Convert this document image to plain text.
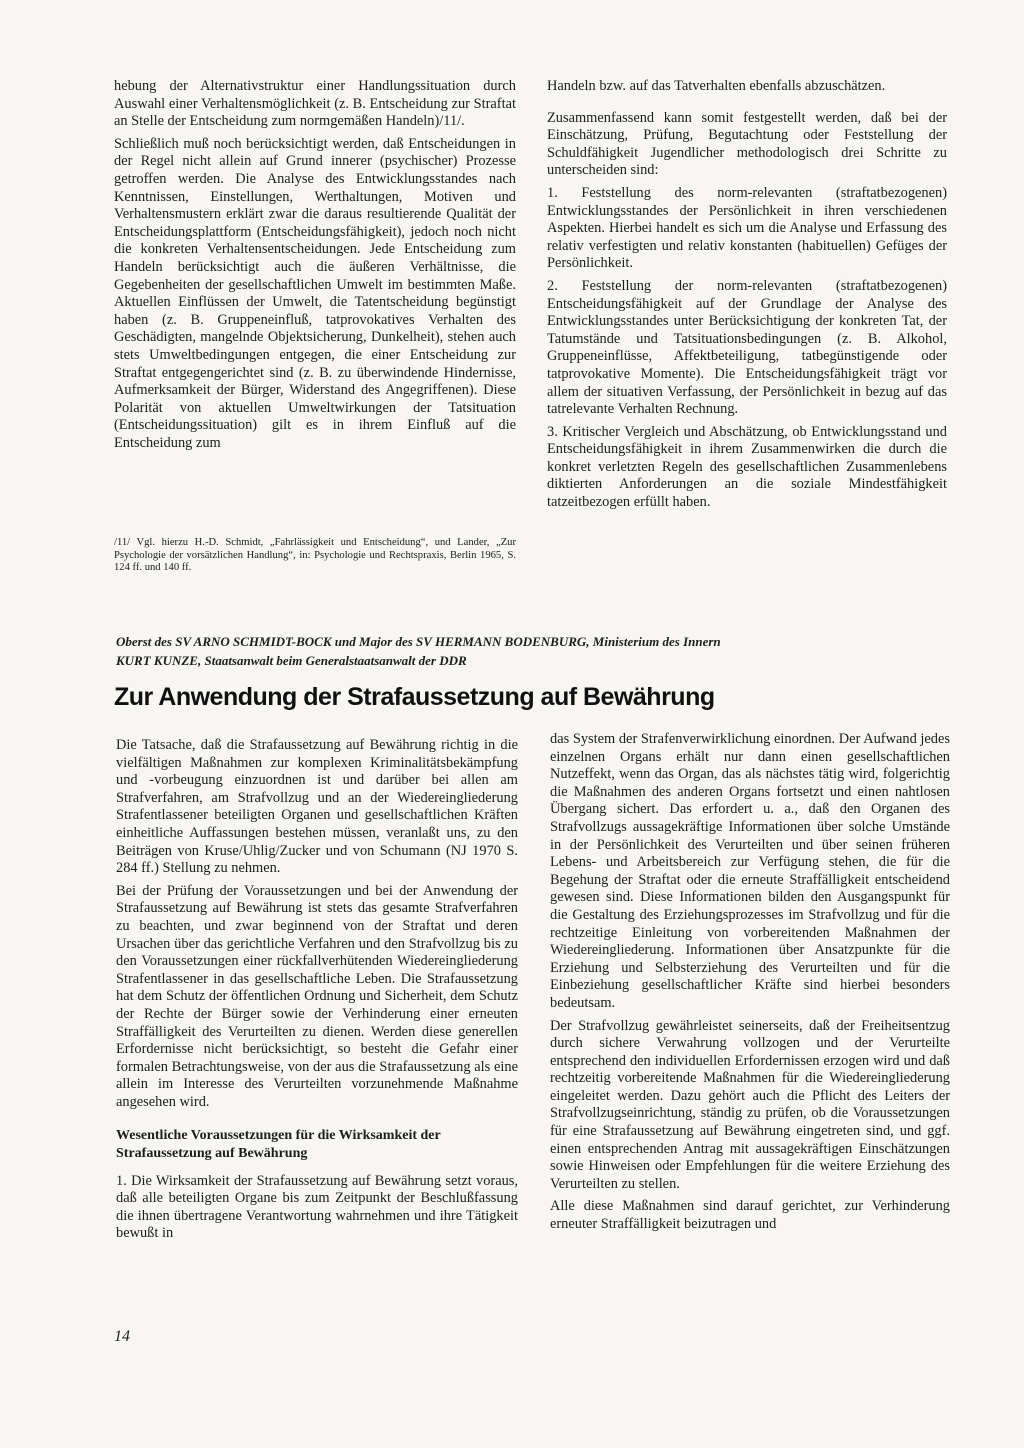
hebung der Alternativstruktur einer Handlungssituation durch Auswahl einer Verhaltensmöglichkeit (z. B. Entscheidung zur Straftat an Stelle der Entscheidung zum normgemäßen Handeln)/11/.

Schließlich muß noch berücksichtigt werden, daß Entscheidungen in der Regel nicht allein auf Grund innerer (psychischer) Prozesse getroffen werden. Die Analyse des Entwicklungsstandes nach Kenntnissen, Einstellungen, Werthaltungen, Motiven und Verhaltensmustern erklärt zwar die daraus resultierende Qualität der Entscheidungsplattform (Entscheidungsfähigkeit), jedoch noch nicht die konkreten Verhaltensentscheidungen. Jede Entscheidung zum Handeln berücksichtigt auch die äußeren Verhältnisse, die Gegebenheiten der gesellschaftlichen Umwelt im bestimmten Maße. Aktuellen Einflüssen der Umwelt, die Tatentscheidung begünstigt haben (z. B. Gruppeneinfluß, tatprovokatives Verhalten des Geschädigten, mangelnde Objektsicherung, Dunkelheit), stehen auch stets Umweltbedingungen entgegen, die einer Entscheidung zur Straftat entgegengerichtet sind (z. B. zu überwindende Hindernisse, Aufmerksamkeit der Bürger, Widerstand des Angegriffenen). Diese Polarität von aktuellen Umweltwirkungen der Tatsituation (Entscheidungssituation) gilt es in ihrem Einfluß auf die Entscheidung zum

/11/ Vgl. hierzu H.-D. Schmidt, „Fahrlässigkeit und Entscheidung“, und Lander, „Zur Psychologie der vorsätzlichen Handlung“, in: Psychologie und Rechtspraxis, Berlin 1965, S. 124 ff. und 140 ff.

Handeln bzw. auf das Tatverhalten ebenfalls abzuschätzen.

Zusammenfassend kann somit festgestellt werden, daß bei der Einschätzung, Prüfung, Begutachtung oder Feststellung der Schuldfähigkeit Jugendlicher methodologisch drei Schritte zu unterscheiden sind:

1. Feststellung des norm-relevanten (straftatbezogenen) Entwicklungsstandes der Persönlichkeit in ihren verschiedenen Aspekten. Hierbei handelt es sich um die Analyse und Erfassung des relativ verfestigten und relativ konstanten (habituellen) Gefüges der Persönlichkeit.

2. Feststellung der norm-relevanten (straftatbezogenen) Entscheidungsfähigkeit auf der Grundlage der Analyse des Entwicklungsstandes unter Berücksichtigung der konkreten Tat, der Tatumstände und Tatsituationsbedingungen (z. B. Alkohol, Gruppeneinflüsse, Affektbeteiligung, tatbegünstigende oder tatprovokative Momente). Die Entscheidungsfähigkeit trägt vor allem der situativen Verfassung, der Persönlichkeit in bezug auf das tatrelevante Verhalten Rechnung.

3. Kritischer Vergleich und Abschätzung, ob Entwicklungsstand und Entscheidungsfähigkeit in ihrem Zusammenwirken die durch die konkret verletzten Regeln des gesellschaftlichen Zusammenlebens diktierten Anforderungen an die soziale Mindestfähigkeit tatzeitbezogen erfüllt haben.

Oberst des SV ARNO SCHMIDT-BOCK und Major des SV HERMANN BODENBURG, Ministerium des Innern
KURT KUNZE, Staatsanwalt beim Generalstaatsanwalt der DDR
Zur Anwendung der Strafaussetzung auf Bewährung

Die Tatsache, daß die Strafaussetzung auf Bewährung richtig in die vielfältigen Maßnahmen zur komplexen Kriminalitätsbekämpfung und -vorbeugung einzuordnen ist und darüber bei allen am Strafverfahren, am Strafvollzug und an der Wiedereingliederung Strafentlassener beteiligten Organen und gesellschaftlichen Kräften einheitliche Auffassungen bestehen müssen, veranlaßt uns, zu den Beiträgen von Kruse/Uhlig/Zucker und von Schumann (NJ 1970 S. 284 ff.) Stellung zu nehmen.

Bei der Prüfung der Voraussetzungen und bei der Anwendung der Strafaussetzung auf Bewährung ist stets das gesamte Strafverfahren zu beachten, und zwar beginnend von der Straftat und deren Ursachen über das gerichtliche Verfahren und den Strafvollzug bis zu den Voraussetzungen einer rückfallverhütenden Wiedereingliederung Strafentlassener in das gesellschaftliche Leben. Die Strafaussetzung hat dem Schutz der öffentlichen Ordnung und Sicherheit, dem Schutz der Rechte der Bürger sowie der Verhinderung einer erneuten Straffälligkeit des Verurteilten zu dienen. Werden diese generellen Erfordernisse nicht berücksichtigt, so besteht die Gefahr einer formalen Betrachtungsweise, von der aus die Strafaussetzung als eine allein im Interesse des Verurteilten vorzunehmende Maßnahme angesehen wird.

Wesentliche Voraussetzungen für die Wirksamkeit der Strafaussetzung auf Bewährung

1. Die Wirksamkeit der Strafaussetzung auf Bewährung setzt voraus, daß alle beteiligten Organe bis zum Zeitpunkt der Beschlußfassung die ihnen übertragene Verantwortung wahrnehmen und ihre Tätigkeit bewußt in

das System der Strafenverwirklichung einordnen. Der Aufwand jedes einzelnen Organs erhält nur dann einen gesellschaftlichen Nutzeffekt, wenn das Organ, das als nächstes tätig wird, folgerichtig die Maßnahmen des anderen Organs fortsetzt und einen nahtlosen Übergang sichert. Das erfordert u. a., daß den Organen des Strafvollzugs aussagekräftige Informationen über solche Umstände in der Persönlichkeit des Verurteilten und über seinen früheren Lebens- und Arbeitsbereich zur Verfügung stehen, die für die Begehung der Straftat oder die erneute Straffälligkeit entscheidend gewesen sind. Diese Informationen bilden den Ausgangspunkt für die Gestaltung des Erziehungsprozesses im Strafvollzug und für die rechtzeitige Einleitung von vorbereitenden Maßnahmen der Wiedereingliederung. Informationen über Ansatzpunkte für die Erziehung und Selbsterziehung des Verurteilten und für die Einbeziehung gesellschaftlicher Kräfte sind hierbei besonders bedeutsam.

Der Strafvollzug gewährleistet seinerseits, daß der Freiheitsentzug durch sichere Verwahrung vollzogen und der Verurteilte entsprechend den individuellen Erfordernissen erzogen wird und daß rechtzeitig vorbereitende Maßnahmen für die Wiedereingliederung eingeleitet werden. Dazu gehört auch die Pflicht des Leiters der Strafvollzugseinrichtung, ständig zu prüfen, ob die Voraussetzungen für eine Strafaussetzung auf Bewährung eingetreten sind, und ggf. einen entsprechenden Antrag mit aussagekräftigen Einschätzungen sowie Hinweisen oder Empfehlungen für die weitere Erziehung des Verurteilten zu stellen.

Alle diese Maßnahmen sind darauf gerichtet, zur Verhinderung erneuter Straffälligkeit beizutragen und

14
